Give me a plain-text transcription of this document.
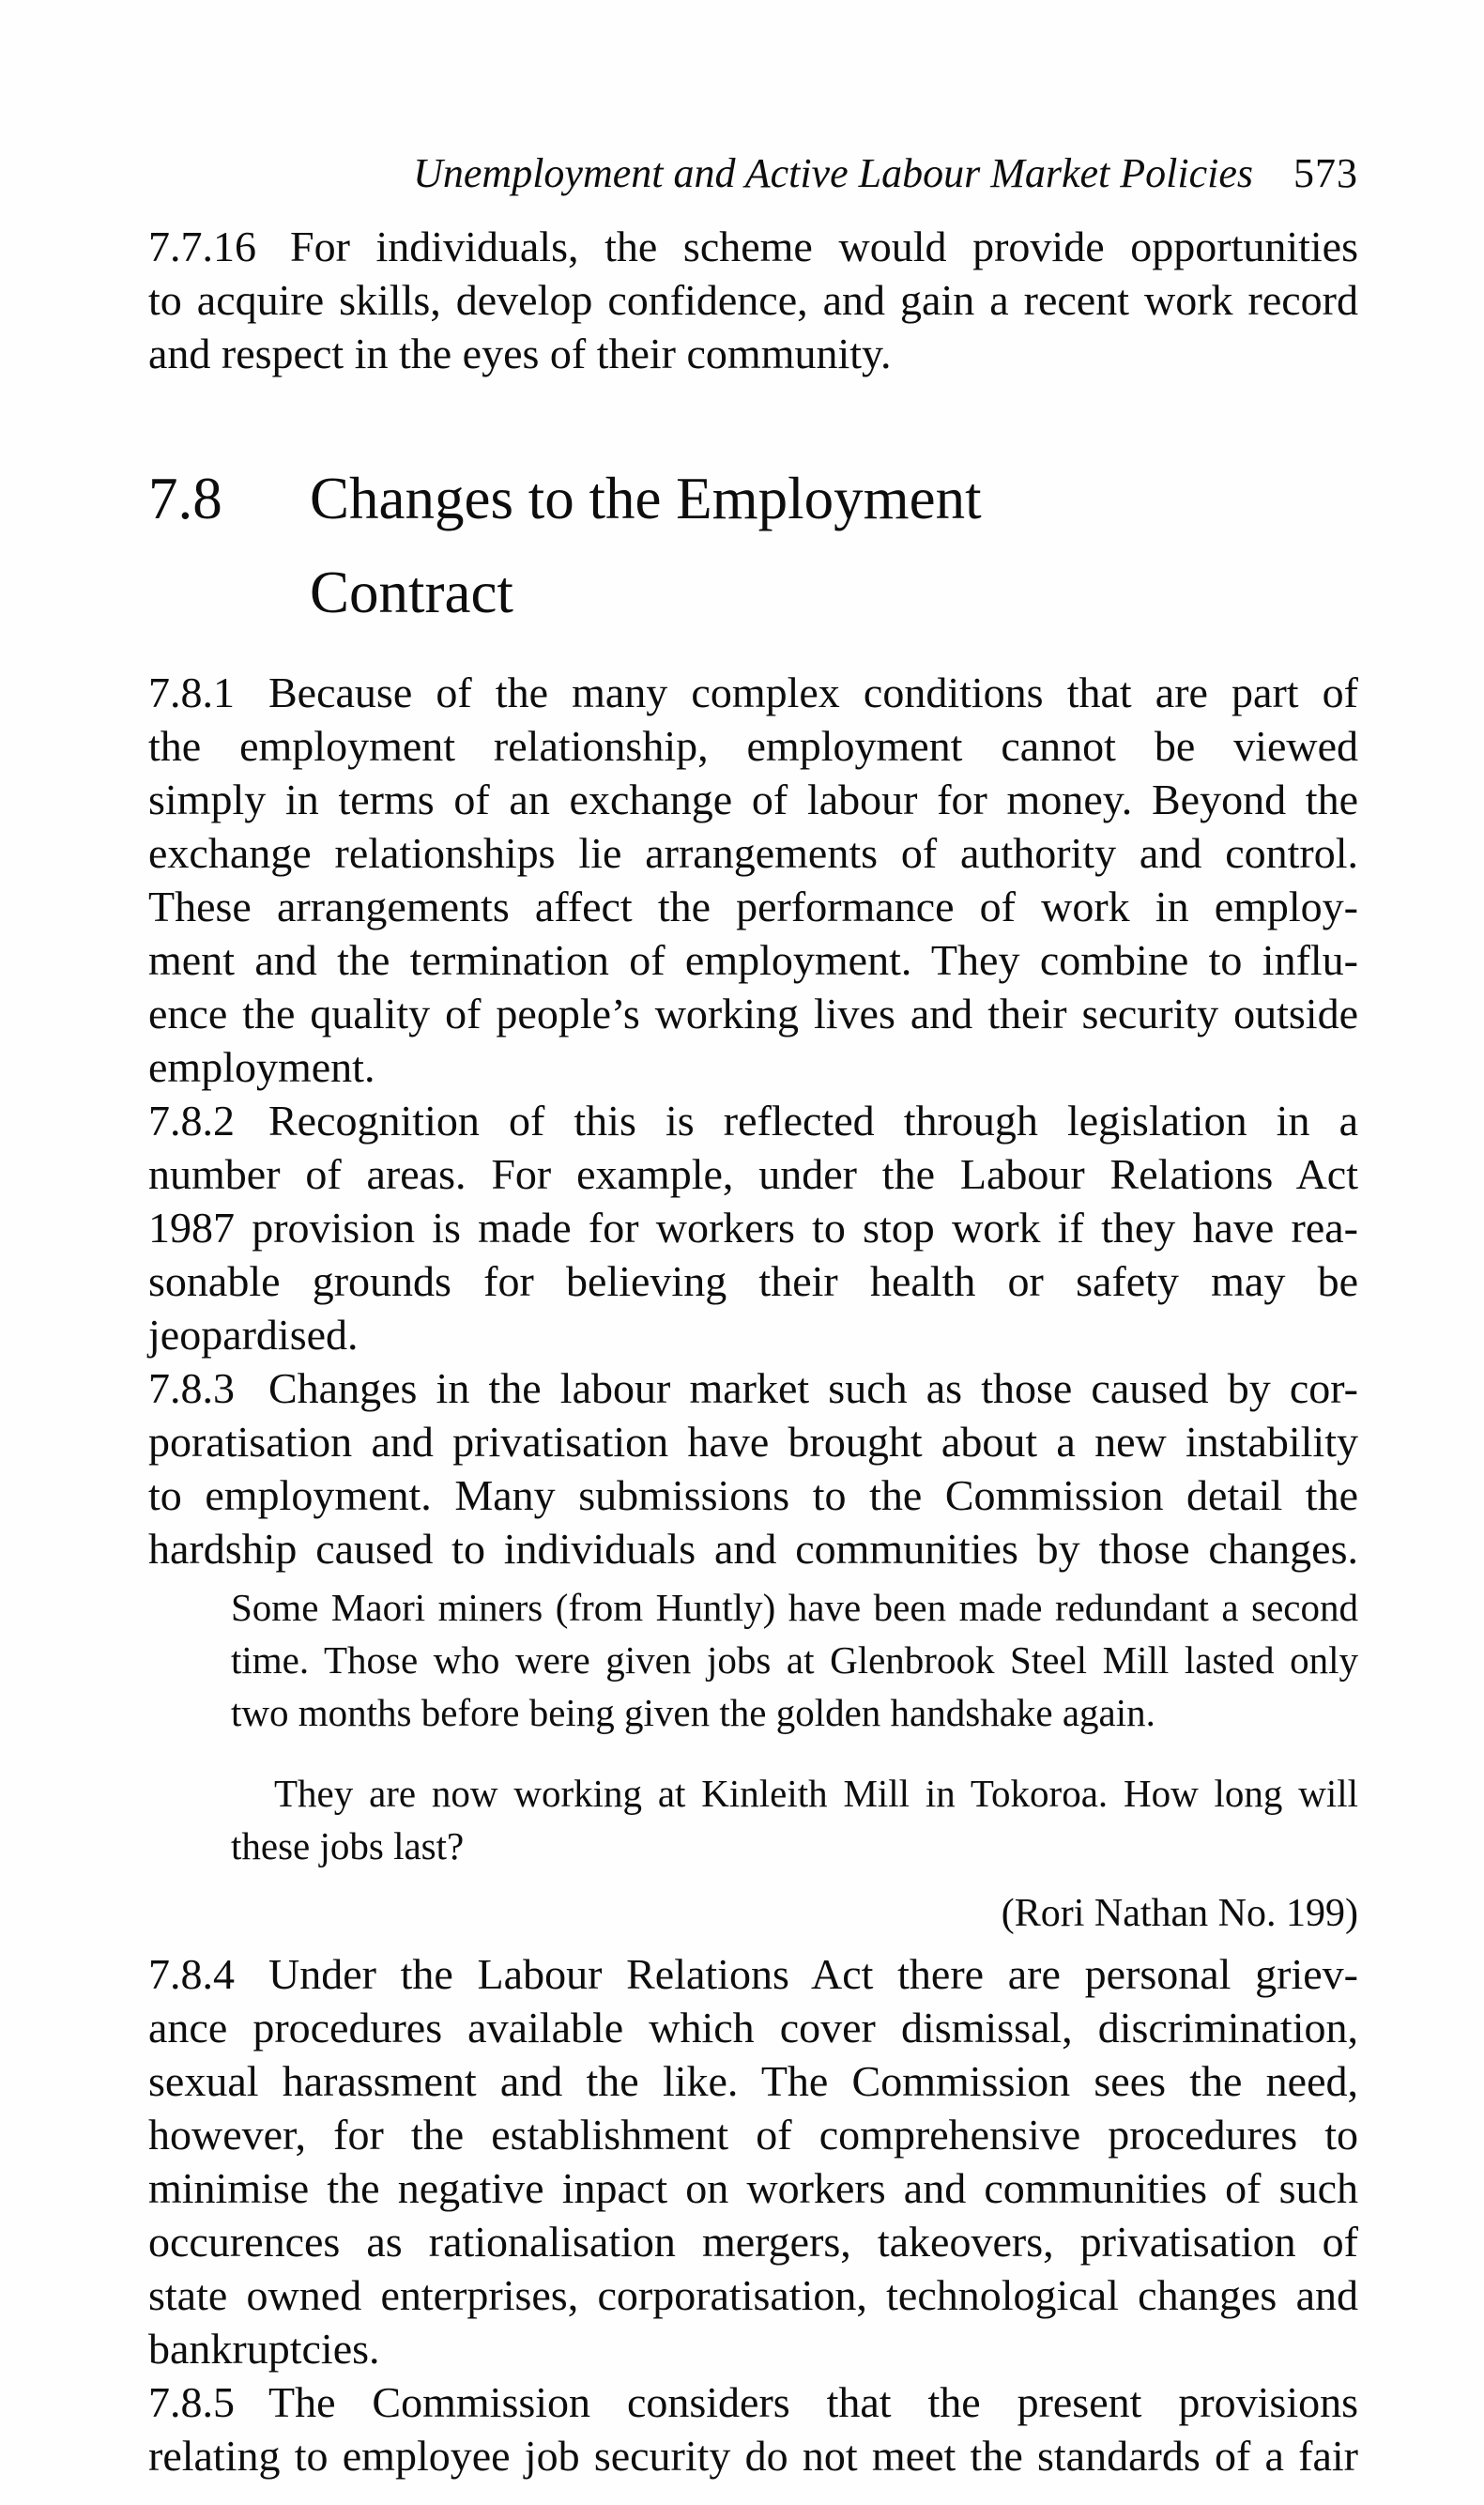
Unemployment and Active Labour Market Policies 573
7.7.16 For individuals, the scheme would provide opportunities
to acquire skills, develop confidence, and gain a recent work record
and respect in the eyes of their community.
7.8	Changes to the Employment
Contract
7.8.1 Because of the many complex conditions that are part of
the employment relationship, employment cannot be viewed
simply in terms of an exchange of labour for money. Beyond the
exchange relationships lie arrangements of authority and control.
These arrangements affect the performance of work in employ-
ment and the termination of employment. They combine to influ-
ence the quality of people’s working lives and their security outside
employment.
7.8.2 Recognition of this is reflected through legislation in a
number of areas. For example, under the Labour Relations Act
1987 provision is made for workers to stop work if they have rea-
sonable grounds for believing their health or safety may be
jeopardised.
7.8.3 Changes in the labour market such as those caused by cor-
poratisation and privatisation have brought about a new instability
to employment. Many submissions to the Commission detail the
hardship caused to individuals and communities by those changes.
Some Maori miners (from Huntly) have been made redundant a second
time. Those who were given jobs at Glenbrook Steel Mill lasted only
two months before being given the golden handshake again.
They are now working at Kinleith Mill in Tokoroa. How long will
these jobs last?
(Rori Nathan No. 199)
7.8.4 Under the Labour Relations Act there are personal griev-
ance procedures available which cover dismissal, discrimination,
sexual harassment and the like. The Commission sees the need,
however, for the establishment of comprehensive procedures to
minimise the negative inpact on workers and communities of such
occurences as rationalisation mergers, takeovers, privatisation of
state owned enterprises, corporatisation, technological changes and
bankruptcies.
7.8.5 The Commission considers that the present provisions
relating to employee job security do not meet the standards of a fair
